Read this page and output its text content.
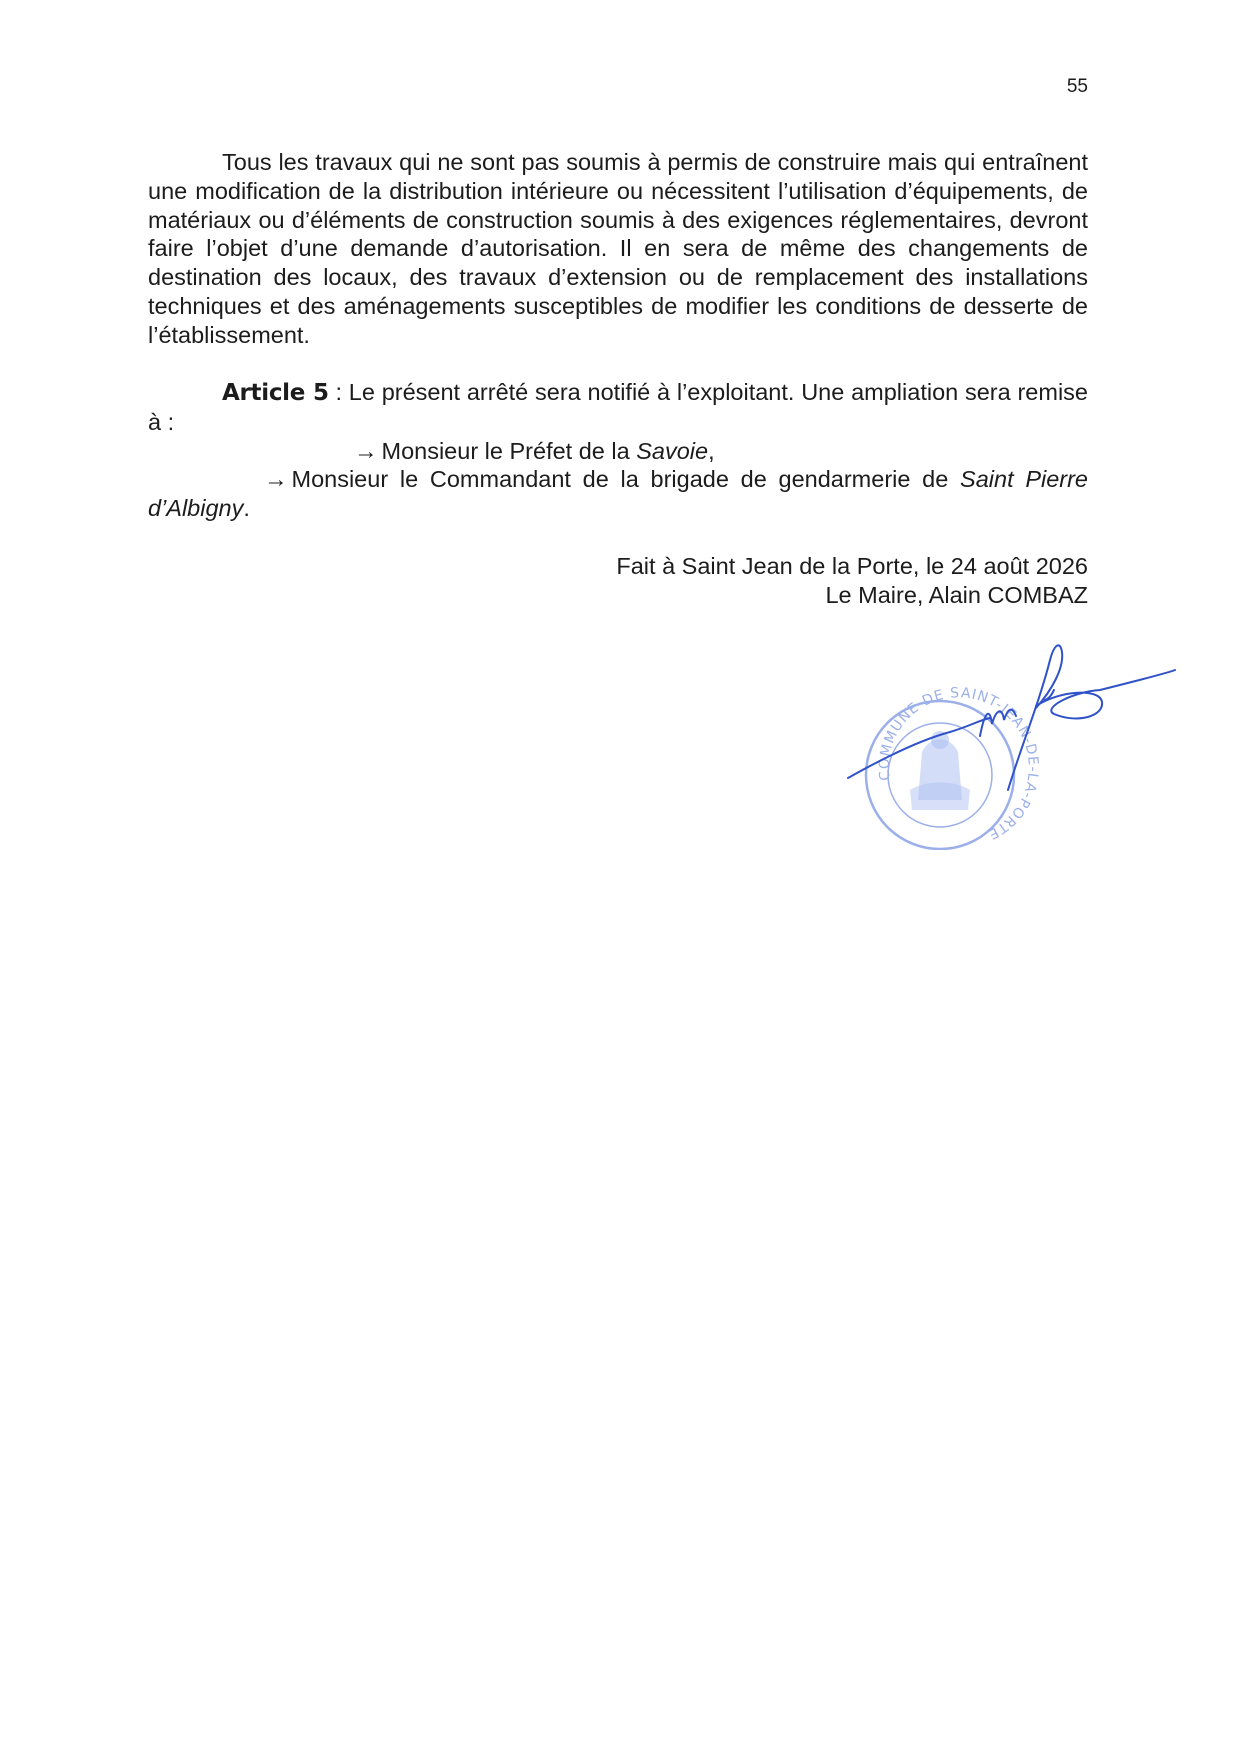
55

Tous les travaux qui ne sont pas soumis à permis de construire mais qui entraînent une modification de la distribution intérieure ou nécessitent l’utilisation d’équipements, de matériaux ou d’éléments de construction soumis à des exigences réglementaires, devront faire l’objet d’une demande d’autorisation. Il en sera de même des changements de destination des locaux, des travaux d’extension ou de remplacement des installations techniques et des aménagements susceptibles de modifier les conditions de desserte de l’établissement.

Article 5 : Le présent arrêté sera notifié à l’exploitant. Une ampliation sera remise à :
→ Monsieur le Préfet de la Savoie,
→ Monsieur le Commandant de la brigade de gendarmerie de Saint Pierre d’Albigny.
Fait à Saint Jean de la Porte, le 24 août 2026
Le Maire, Alain COMBAZ
COMMUNE DE SAINT-JEAN-DE-LA-PORTE
